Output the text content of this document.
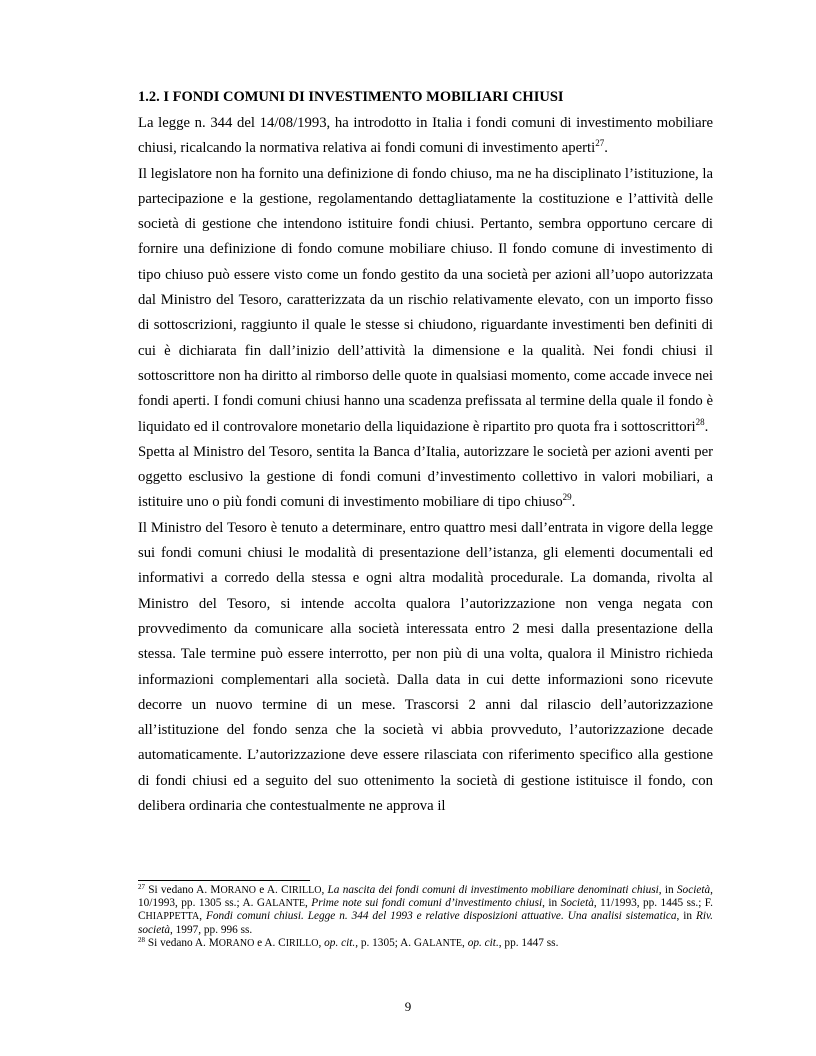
1.2. I FONDI COMUNI DI INVESTIMENTO MOBILIARI CHIUSI

La legge n. 344 del 14/08/1993, ha introdotto in Italia i fondi comuni di investimento mobiliare chiusi, ricalcando la normativa relativa ai fondi comuni di investimento aperti$^{27}$.

Il legislatore non ha fornito una definizione di fondo chiuso, ma ne ha disciplinato l’istituzione, la partecipazione e la gestione, regolamentando dettagliatamente la costituzione e l’attività delle società di gestione che intendono istituire fondi chiusi. Pertanto, sembra opportuno cercare di fornire una definizione di fondo comune mobiliare chiuso. Il fondo comune di investimento di tipo chiuso può essere visto come un fondo gestito da una società per azioni all’uopo autorizzata dal Ministro del Tesoro, caratterizzata da un rischio relativamente elevato, con un importo fisso di sottoscrizioni, raggiunto il quale le stesse si chiudono, riguardante investimenti ben definiti di cui è dichiarata fin dall’inizio dell’attività la dimensione e la qualità. Nei fondi chiusi il sottoscrittore non ha diritto al rimborso delle quote in qualsiasi momento, come accade invece nei fondi aperti. I fondi comuni chiusi hanno una scadenza prefissata al termine della quale il fondo è liquidato ed il controvalore monetario della liquidazione è ripartito pro quota fra i sottoscrittori$^{28}$.

Spetta al Ministro del Tesoro, sentita la Banca d’Italia, autorizzare le società per azioni aventi per oggetto esclusivo la gestione di fondi comuni d’investimento collettivo in valori mobiliari, a istituire uno o più fondi comuni di investimento mobiliare di tipo chiuso$^{29}$.

Il Ministro del Tesoro è tenuto a determinare, entro quattro mesi dall’entrata in vigore della legge sui fondi comuni chiusi le modalità di presentazione dell’istanza, gli elementi documentali ed informativi a corredo della stessa e ogni altra modalità procedurale. La domanda, rivolta al Ministro del Tesoro, si intende accolta qualora l’autorizzazione non venga negata con provvedimento da comunicare alla società interessata entro 2 mesi dalla presentazione della stessa. Tale termine può essere interrotto, per non più di una volta, qualora il Ministro richieda informazioni complementari alla società. Dalla data in cui dette informazioni sono ricevute decorre un nuovo termine di un mese. Trascorsi 2 anni dal rilascio dell’autorizzazione all’istituzione del fondo senza che la società vi abbia provveduto, l’autorizzazione decade automaticamente. L’autorizzazione deve essere rilasciata con riferimento specifico alla gestione di fondi chiusi ed a seguito del suo ottenimento la società di gestione istituisce il fondo, con delibera ordinaria che contestualmente ne approva il

$^{27}$ Si vedano A. MORANO e A. CIRILLO, La nascita dei fondi comuni di investimento mobiliare denominati chiusi, in Società, 10/1993, pp. 1305 ss.; A. GALANTE, Prime note sui fondi comuni d’investimento chiusi, in Società, 11/1993, pp. 1445 ss.; F. CHIAPPETTA, Fondi comuni chiusi. Legge n. 344 del 1993 e relative disposizioni attuative. Una analisi sistematica, in Riv. società, 1997, pp. 996 ss.

$^{28}$ Si vedano A. MORANO e A. CIRILLO, op. cit., p. 1305; A. GALANTE, op. cit., pp. 1447 ss.

9
